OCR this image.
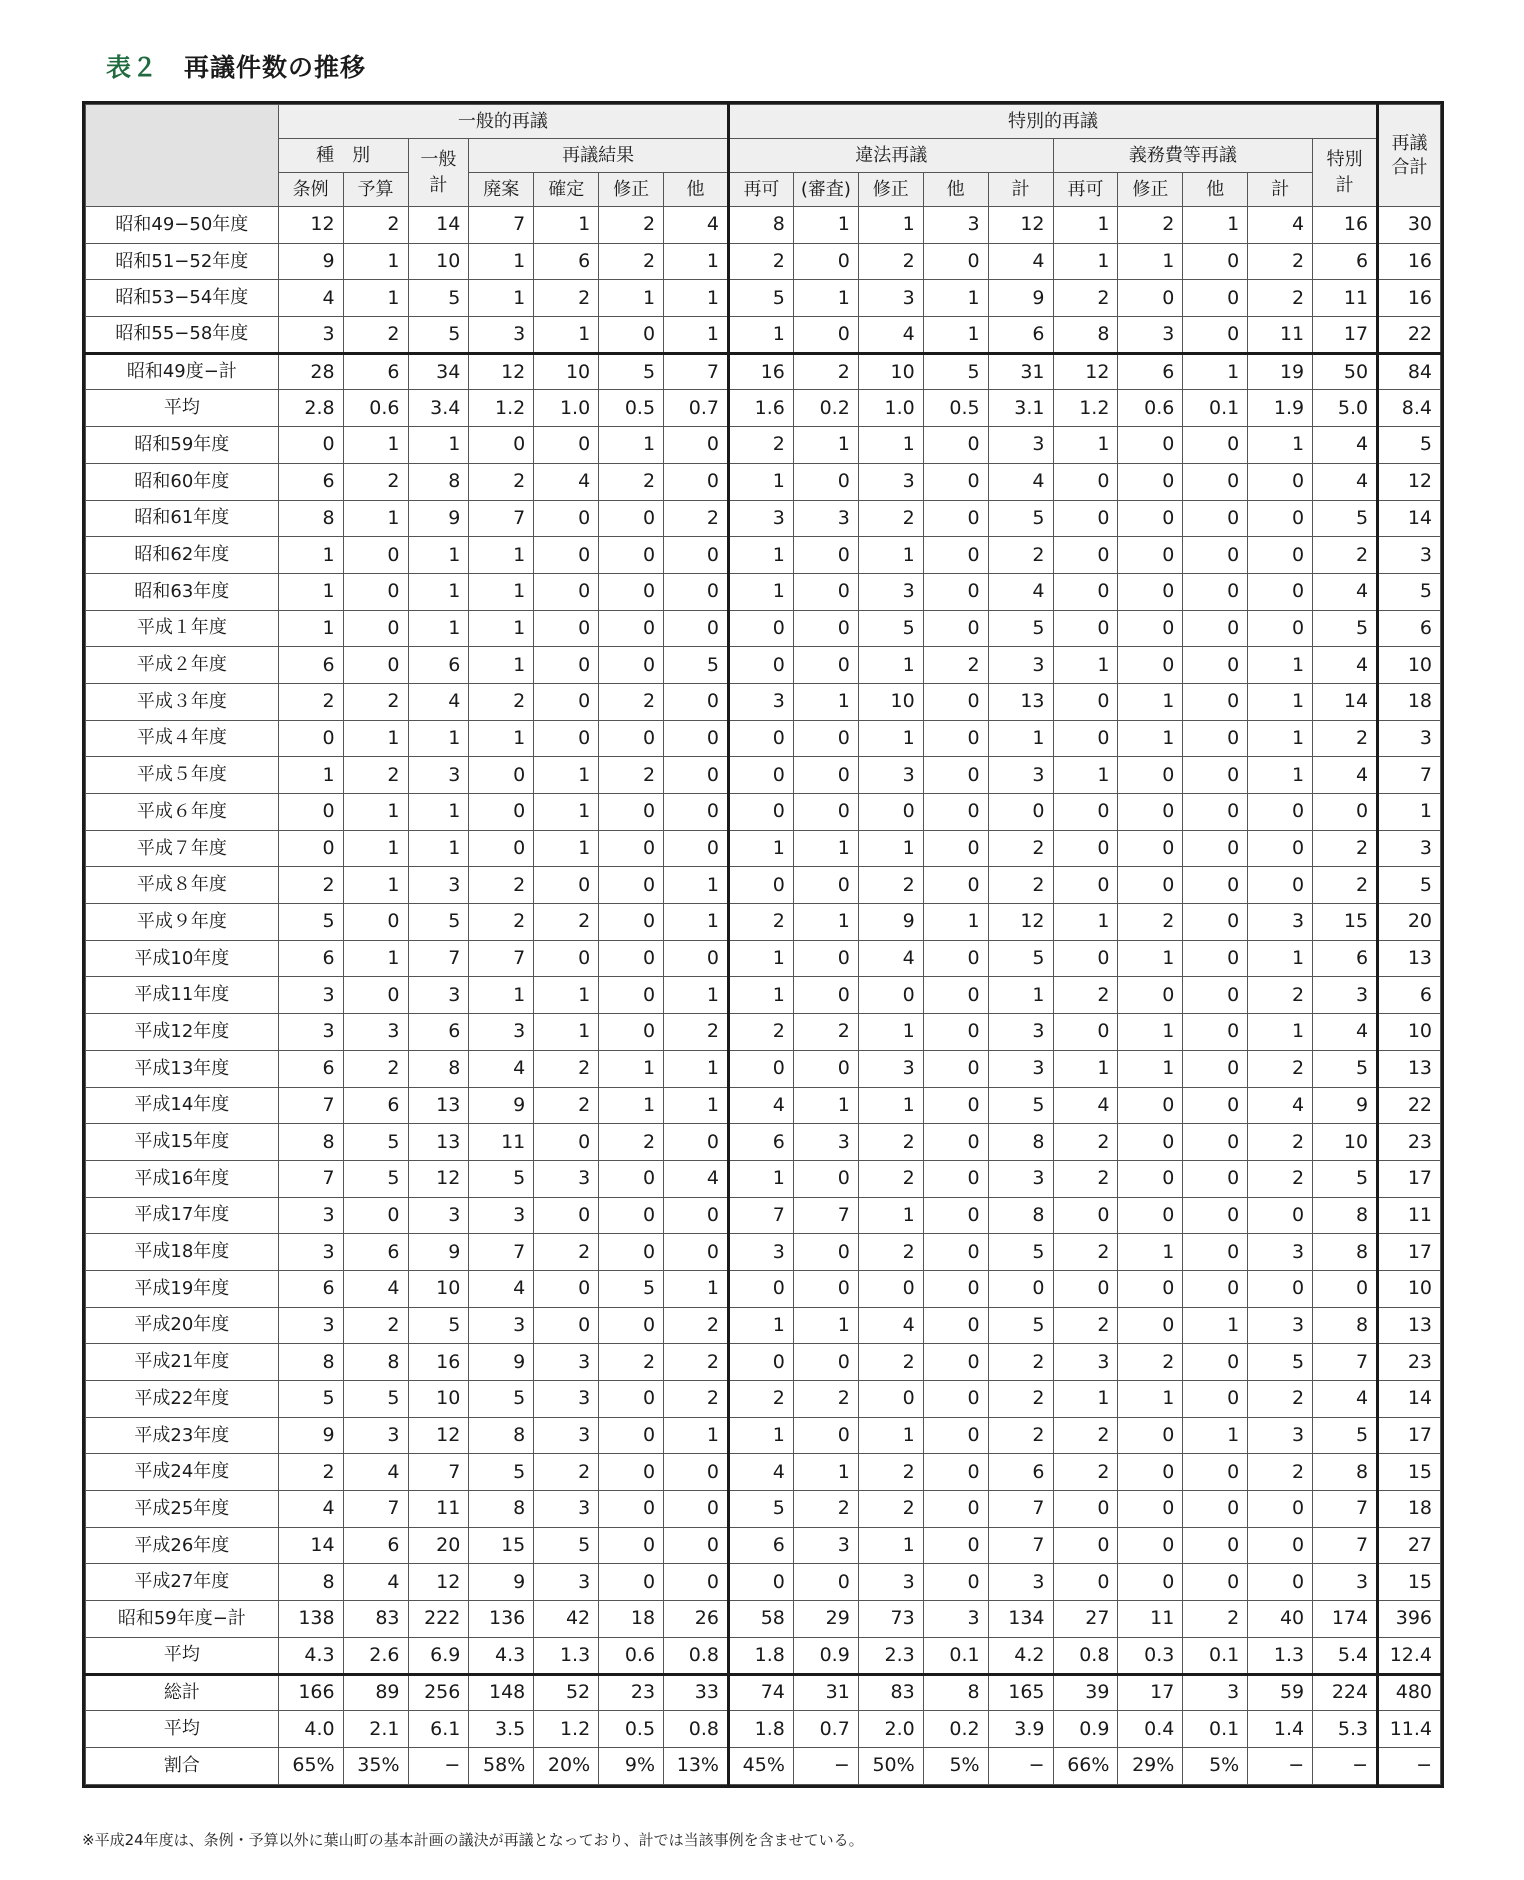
表２ 再議件数の推移
	一般的再議							特別的再議										再議
合計
	種　別		一般
計	再議結果				違法再議					義務費等再議				特別
計	
	条例	予算		廃案	確定	修正	他	再可	(審査)	修正	他	計	再可	修正	他	計		
昭和49−50年度	12	2	14	7	1	2	4	8	1	1	3	12	1	2	1	4	16	30
昭和51−52年度	9	1	10	1	6	2	1	2	0	2	0	4	1	1	0	2	6	16
昭和53−54年度	4	1	5	1	2	1	1	5	1	3	1	9	2	0	0	2	11	16
昭和55−58年度	3	2	5	3	1	0	1	1	0	4	1	6	8	3	0	11	17	22
昭和49度−計	28	6	34	12	10	5	7	16	2	10	5	31	12	6	1	19	50	84
平均	2.8	0.6	3.4	1.2	1.0	0.5	0.7	1.6	0.2	1.0	0.5	3.1	1.2	0.6	0.1	1.9	5.0	8.4
昭和59年度	0	1	1	0	0	1	0	2	1	1	0	3	1	0	0	1	4	5
昭和60年度	6	2	8	2	4	2	0	1	0	3	0	4	0	0	0	0	4	12
昭和61年度	8	1	9	7	0	0	2	3	3	2	0	5	0	0	0	0	5	14
昭和62年度	1	0	1	1	0	0	0	1	0	1	0	2	0	0	0	0	2	3
昭和63年度	1	0	1	1	0	0	0	1	0	3	0	4	0	0	0	0	4	5
平成１年度	1	0	1	1	0	0	0	0	0	5	0	5	0	0	0	0	5	6
平成２年度	6	0	6	1	0	0	5	0	0	1	2	3	1	0	0	1	4	10
平成３年度	2	2	4	2	0	2	0	3	1	10	0	13	0	1	0	1	14	18
平成４年度	0	1	1	1	0	0	0	0	0	1	0	1	0	1	0	1	2	3
平成５年度	1	2	3	0	1	2	0	0	0	3	0	3	1	0	0	1	4	7
平成６年度	0	1	1	0	1	0	0	0	0	0	0	0	0	0	0	0	0	1
平成７年度	0	1	1	0	1	0	0	1	1	1	0	2	0	0	0	0	2	3
平成８年度	2	1	3	2	0	0	1	0	0	2	0	2	0	0	0	0	2	5
平成９年度	5	0	5	2	2	0	1	2	1	9	1	12	1	2	0	3	15	20
平成10年度	6	1	7	7	0	0	0	1	0	4	0	5	0	1	0	1	6	13
平成11年度	3	0	3	1	1	0	1	1	0	0	0	1	2	0	0	2	3	6
平成12年度	3	3	6	3	1	0	2	2	2	1	0	3	0	1	0	1	4	10
平成13年度	6	2	8	4	2	1	1	0	0	3	0	3	1	1	0	2	5	13
平成14年度	7	6	13	9	2	1	1	4	1	1	0	5	4	0	0	4	9	22
平成15年度	8	5	13	11	0	2	0	6	3	2	0	8	2	0	0	2	10	23
平成16年度	7	5	12	5	3	0	4	1	0	2	0	3	2	0	0	2	5	17
平成17年度	3	0	3	3	0	0	0	7	7	1	0	8	0	0	0	0	8	11
平成18年度	3	6	9	7	2	0	0	3	0	2	0	5	2	1	0	3	8	17
平成19年度	6	4	10	4	0	5	1	0	0	0	0	0	0	0	0	0	0	10
平成20年度	3	2	5	3	0	0	2	1	1	4	0	5	2	0	1	3	8	13
平成21年度	8	8	16	9	3	2	2	0	0	2	0	2	3	2	0	5	7	23
平成22年度	5	5	10	5	3	0	2	2	2	0	0	2	1	1	0	2	4	14
平成23年度	9	3	12	8	3	0	1	1	0	1	0	2	2	0	1	3	5	17
平成24年度	2	4	7	5	2	0	0	4	1	2	0	6	2	0	0	2	8	15
平成25年度	4	7	11	8	3	0	0	5	2	2	0	7	0	0	0	0	7	18
平成26年度	14	6	20	15	5	0	0	6	3	1	0	7	0	0	0	0	7	27
平成27年度	8	4	12	9	3	0	0	0	0	3	0	3	0	0	0	0	3	15
昭和59年度−計	138	83	222	136	42	18	26	58	29	73	3	134	27	11	2	40	174	396
平均	4.3	2.6	6.9	4.3	1.3	0.6	0.8	1.8	0.9	2.3	0.1	4.2	0.8	0.3	0.1	1.3	5.4	12.4
総計	166	89	256	148	52	23	33	74	31	83	8	165	39	17	3	59	224	480
平均	4.0	2.1	6.1	3.5	1.2	0.5	0.8	1.8	0.7	2.0	0.2	3.9	0.9	0.4	0.1	1.4	5.3	11.4
割合	65%	35%	−	58%	20%	9%	13%	45%	−	50%	5%	−	66%	29%	5%	−	−	−
※平成24年度は、条例・予算以外に葉山町の基本計画の議決が再議となっており、計では当該事例を含ませている。
